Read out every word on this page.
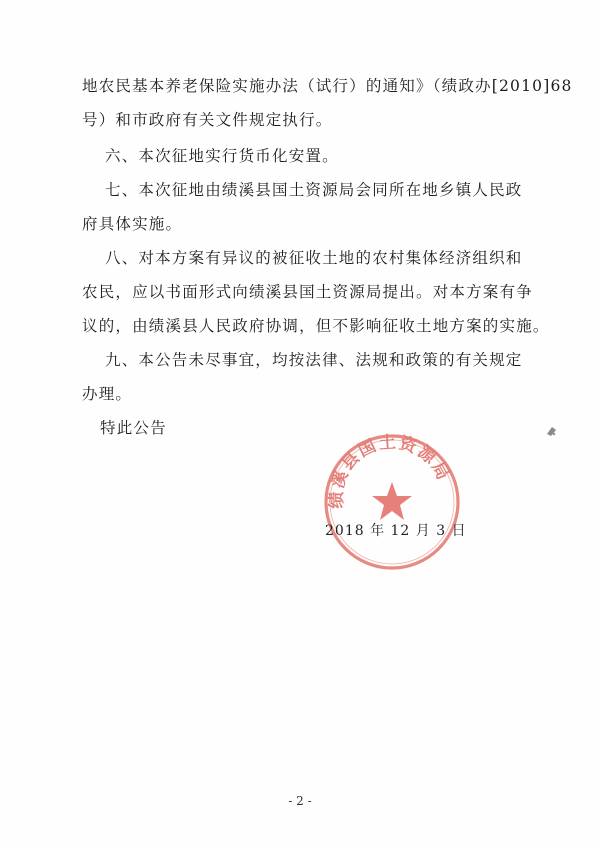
地农民基本养老保险实施办法（试行）的通知》（绩政办[2010]68
号）和市政府有关文件规定执行。
六、本次征地实行货币化安置。
七、本次征地由绩溪县国土资源局会同所在地乡镇人民政
府具体实施。
八、对本方案有异议的被征收土地的农村集体经济组织和
农民，应以书面形式向绩溪县国土资源局提出。对本方案有争
议的，由绩溪县人民政府协调，但不影响征收土地方案的实施。
九、本公告未尽事宜，均按法律、法规和政策的有关规定
办理。
特此公告
绩溪县国土资源局
2018 年 12 月 3 日
- 2 -
